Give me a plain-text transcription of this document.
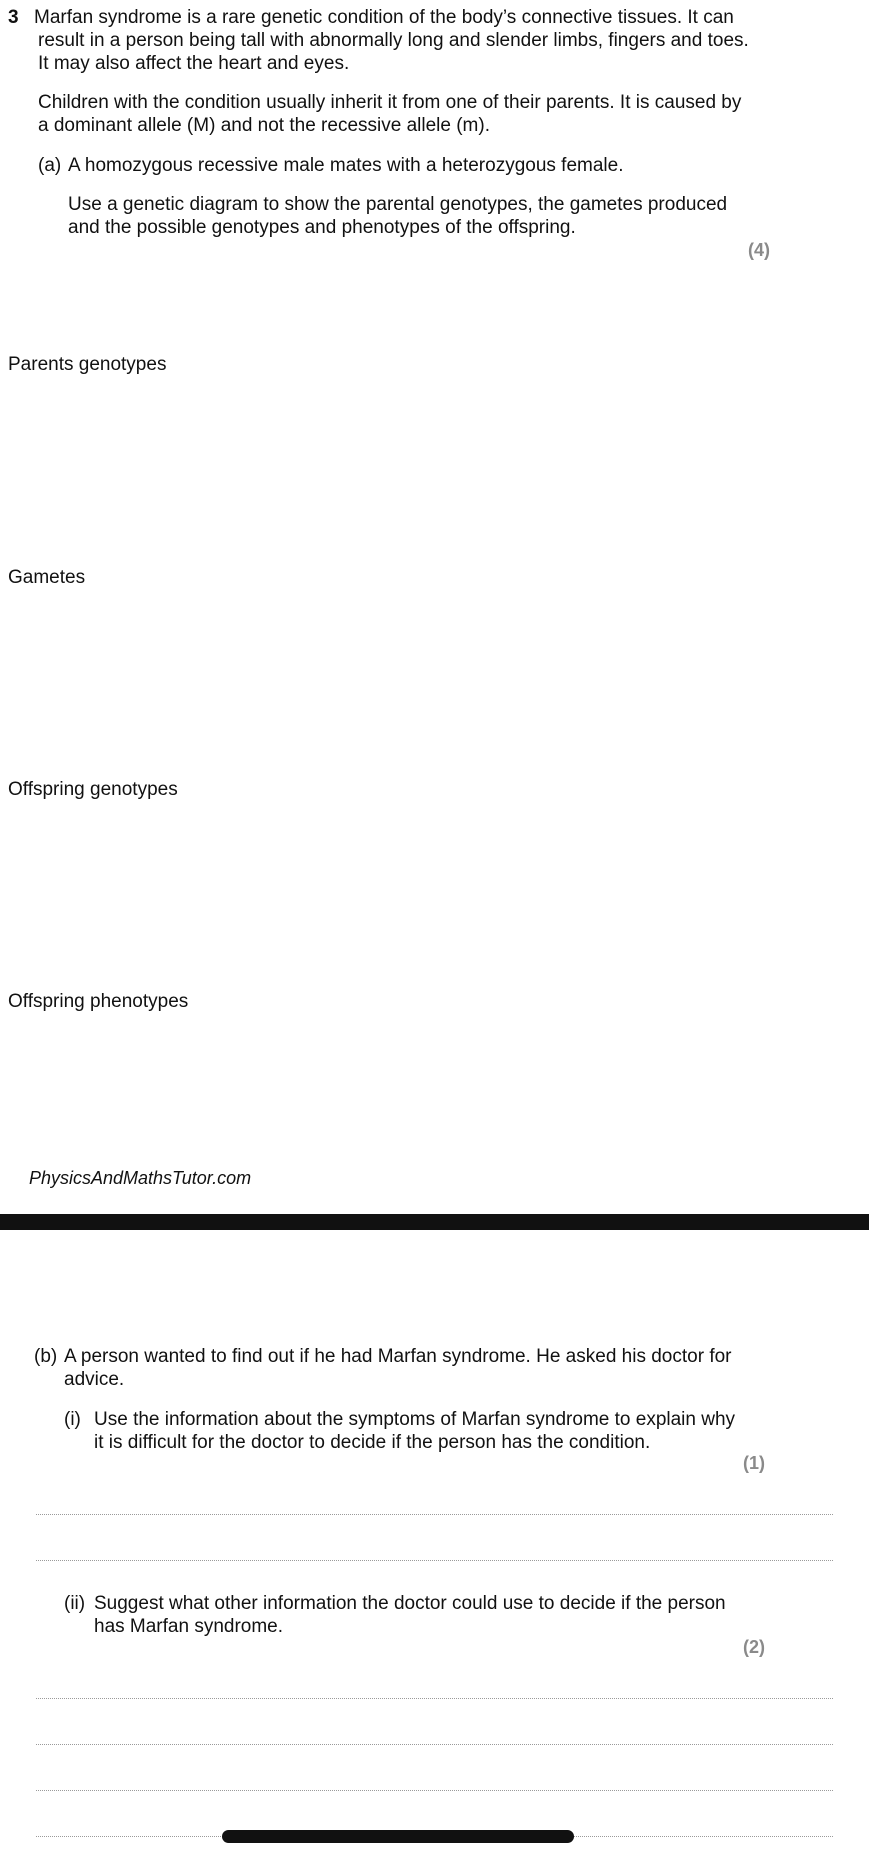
3 Marfan syndrome is a rare genetic condition of the body’s connective tissues. It can
result in a person being tall with abnormally long and slender limbs, fingers and toes.
It may also affect the heart and eyes.
Children with the condition usually inherit it from one of their parents. It is caused by
a dominant allele (M) and not the recessive allele (m).
(a) A homozygous recessive male mates with a heterozygous female.
Use a genetic diagram to show the parental genotypes, the gametes produced
and the possible genotypes and phenotypes of the offspring.
(4)
Parents genotypes
Gametes
Offspring genotypes
Offspring phenotypes
PhysicsAndMathsTutor.com
(b) A person wanted to find out if he had Marfan syndrome. He asked his doctor for
advice.
(i) Use the information about the symptoms of Marfan syndrome to explain why
it is difficult for the doctor to decide if the person has the condition.
(1)
(ii) Suggest what other information the doctor could use to decide if the person
has Marfan syndrome.
(2)
